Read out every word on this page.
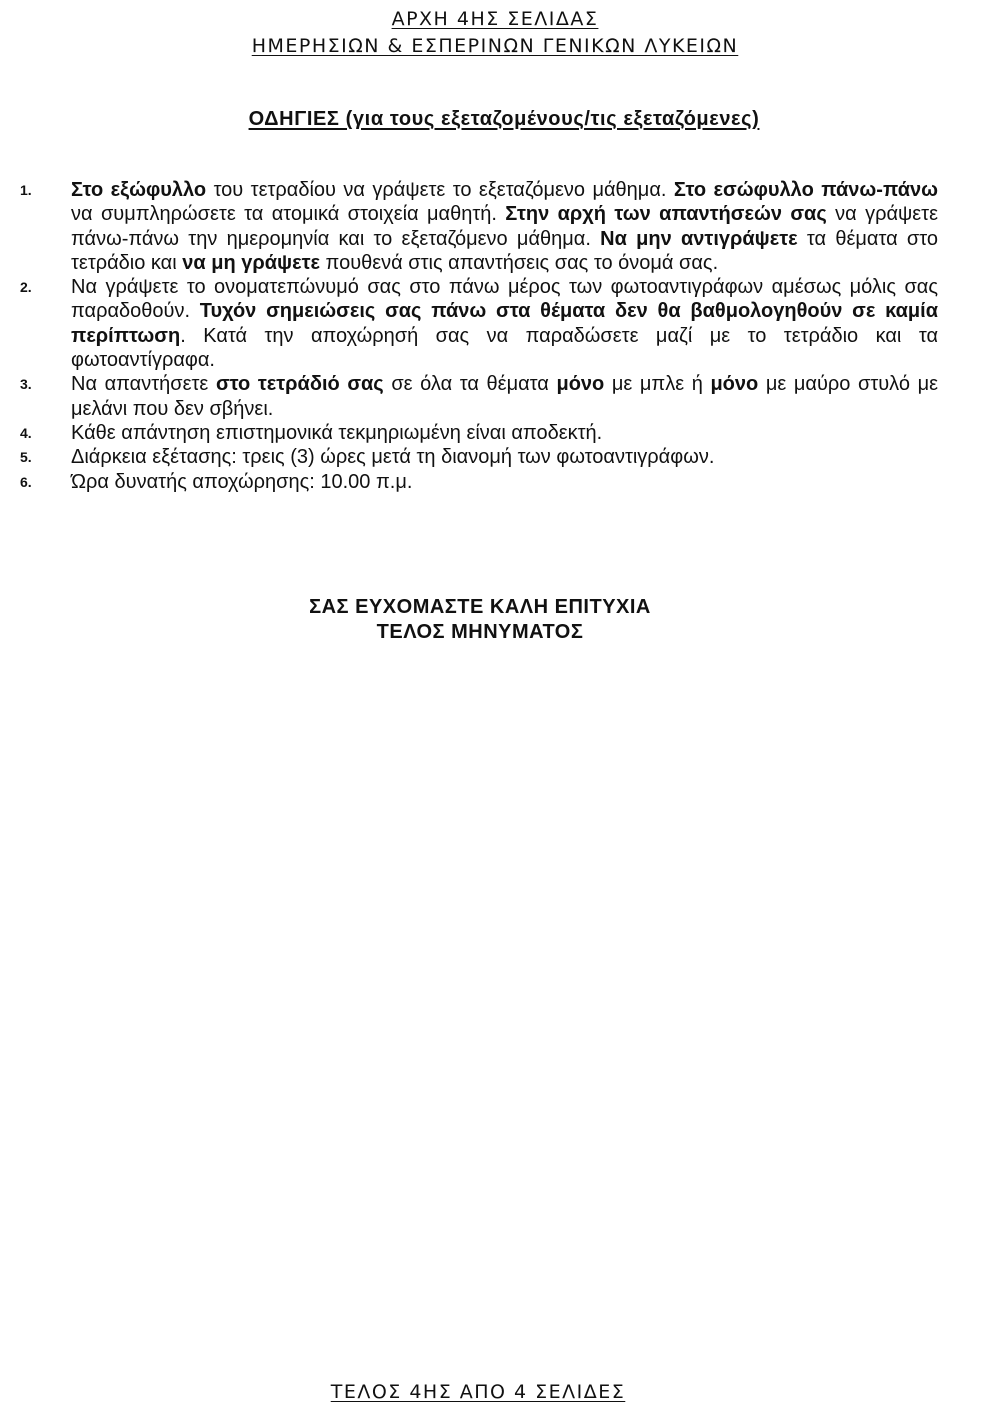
ΑΡΧΗ 4ΗΣ ΣΕΛΙΔΑΣ
ΗΜΕΡΗΣΙΩΝ & ΕΣΠΕΡΙΝΩΝ ΓΕΝΙΚΩΝ ΛΥΚΕΙΩΝ
ΟΔΗΓΙΕΣ (για τους εξεταζομένους/τις εξεταζόμενες)
1. Στο εξώφυλλο του τετραδίου να γράψετε το εξεταζόμενο μάθημα. Στο εσώφυλλο πάνω-πάνω να συμπληρώσετε τα ατομικά στοιχεία μαθητή. Στην αρχή των απαντήσεών σας να γράψετε πάνω-πάνω την ημερομηνία και το εξεταζόμενο μάθημα. Να μην αντιγράψετε τα θέματα στο τετράδιο και να μη γράψετε πουθενά στις απαντήσεις σας το όνομά σας.
2. Να γράψετε το ονοματεπώνυμό σας στο πάνω μέρος των φωτοαντιγράφων αμέσως μόλις σας παραδοθούν. Τυχόν σημειώσεις σας πάνω στα θέματα δεν θα βαθμολογηθούν σε καμία περίπτωση. Κατά την αποχώρησή σας να παραδώσετε μαζί με το τετράδιο και τα φωτοαντίγραφα.
3. Να απαντήσετε στο τετράδιό σας σε όλα τα θέματα μόνο με μπλε ή μόνο με μαύρο στυλό με μελάνι που δεν σβήνει.
4. Κάθε απάντηση επιστημονικά τεκμηριωμένη είναι αποδεκτή.
5. Διάρκεια εξέτασης: τρεις (3) ώρες μετά τη διανομή των φωτοαντιγράφων.
6. Ώρα δυνατής αποχώρησης: 10.00 π.μ.
ΣΑΣ ΕΥΧΟΜΑΣΤΕ ΚΑΛΗ ΕΠΙΤΥΧΙΑ
ΤΕΛΟΣ ΜΗΝΥΜΑΤΟΣ
ΤΕΛΟΣ 4ΗΣ ΑΠΟ 4 ΣΕΛΙΔΕΣ
